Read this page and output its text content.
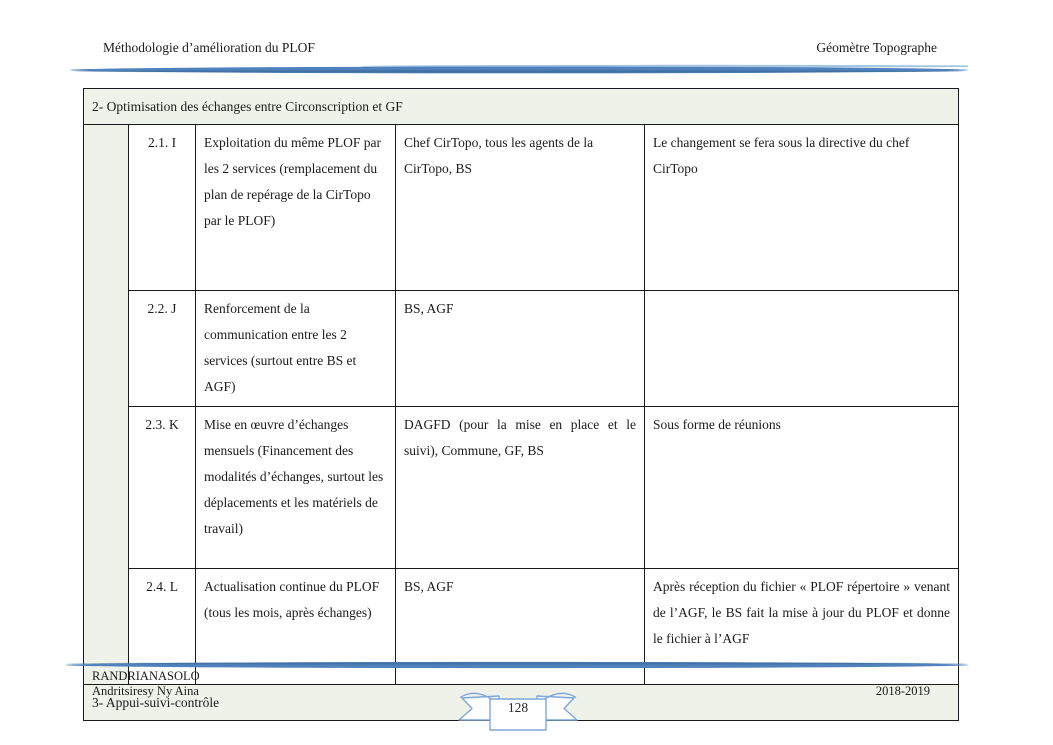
Méthodologie d’amélioration du PLOF	Géomètre Topographe
2- Optimisation des échanges entre Circonscription et GF				
	2.1. I	Exploitation du même PLOF par les 2 services (remplacement du plan de repérage de la CirTopo par le PLOF)	Chef CirTopo, tous les agents de la CirTopo, BS	Le changement se fera sous la directive du chef CirTopo
	2.2. J	Renforcement de la communication entre les 2 services (surtout entre BS et AGF)	BS, AGF	
	2.3. K	Mise en œuvre d’échanges mensuels (Financement des modalités d’échanges, surtout les déplacements et les matériels de travail)	DAGFD (pour la mise en place et le suivi), Commune, GF, BS	Sous forme de réunions
	2.4. L	Actualisation continue du PLOF (tous les mois, après échanges)	BS, AGF	Après réception du fichier « PLOF répertoire » venant de l’AGF, le BS fait la mise à jour du PLOF et donne le fichier à l’AGF
3- Appui-suivi-contrôle				
RANDRIANASOLO
Andritsiresy Ny Aina	2018-2019
128
